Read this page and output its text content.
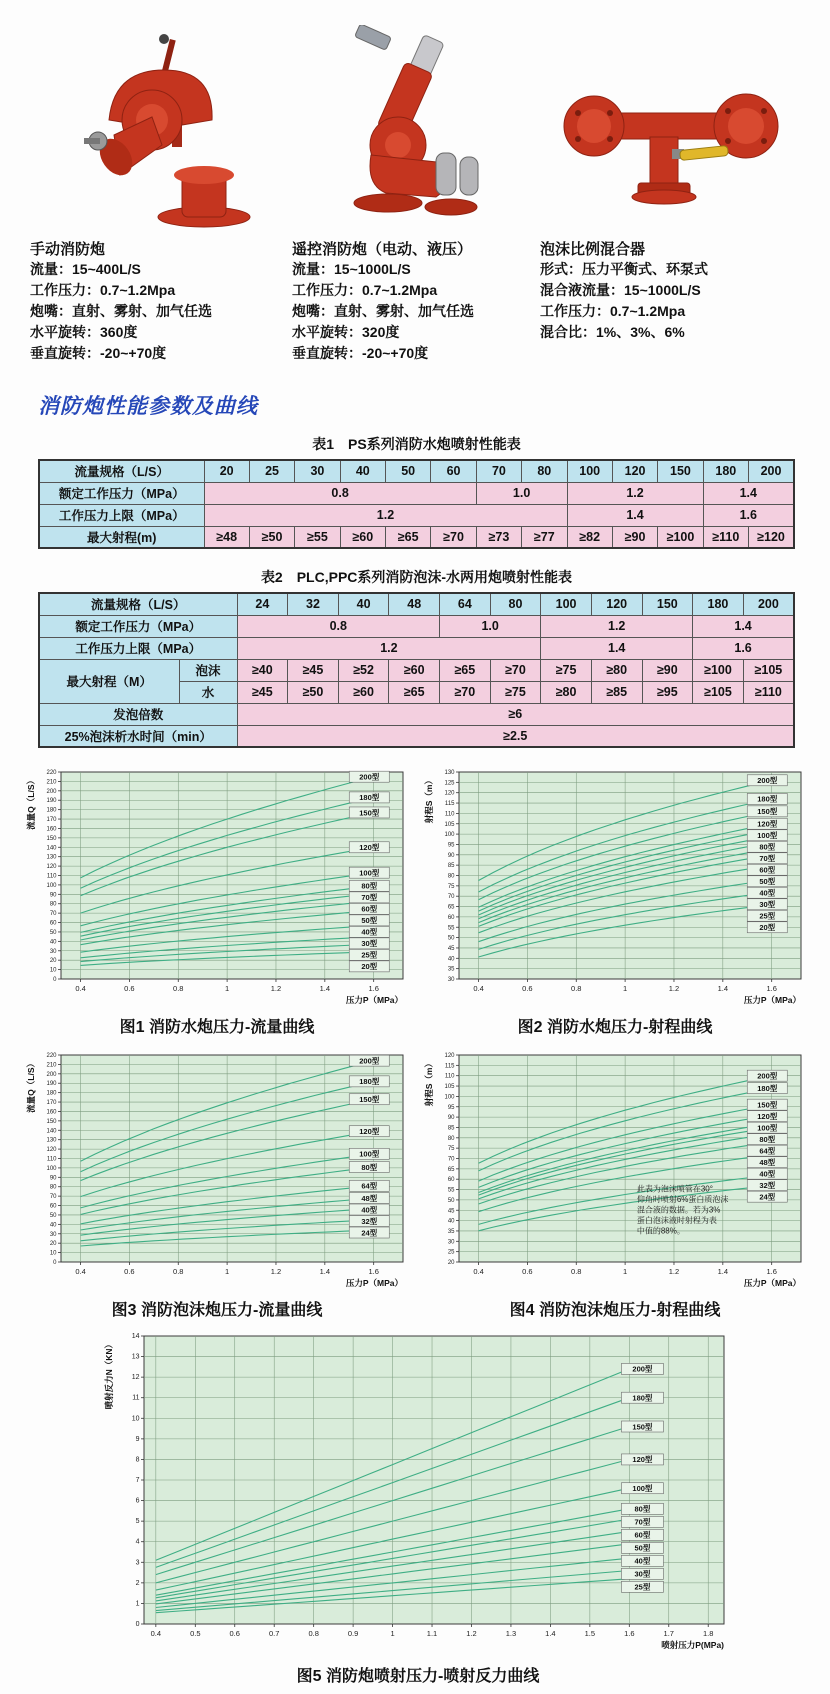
手动消防炮
流量：15~400L/S
工作压力：0.7~1.2Mpa
炮嘴：直射、雾射、加气任选
水平旋转：360度
垂直旋转：-20~+70度
遥控消防炮（电动、液压）
流量：15~1000L/S
工作压力：0.7~1.2Mpa
炮嘴：直射、雾射、加气任选
水平旋转：320度
垂直旋转：-20~+70度
泡沫比例混合器
形式：压力平衡式、环泵式
混合液流量：15~1000L/S
工作压力：0.7~1.2Mpa
混合比：1%、3%、6%
消防炮性能参数及曲线
表1　PS系列消防水炮喷射性能表
流量规格（L/S）	20	25	30	40	50	60	70	80	100	120	150	180	200
额定工作压力（MPa）	0.8						1.0		1.2			1.4	
工作压力上限（MPa）	1.2								1.4			1.6	
最大射程(m)	≥48	≥50	≥55	≥60	≥65	≥70	≥73	≥77	≥82	≥90	≥100	≥110	≥120
表2　PLC,PPC系列消防泡沫-水两用炮喷射性能表
流量规格（L/S）		24	32	40	48	64	80	100	120	150	180	200
额定工作压力（MPa）		0.8				1.0		1.2			1.4	
工作压力上限（MPa）		1.2						1.4			1.6	
最大射程（M）	泡沫	≥40	≥45	≥52	≥60	≥65	≥70	≥75	≥80	≥90	≥100	≥105
	水	≥45	≥50	≥60	≥65	≥70	≥75	≥80	≥85	≥95	≥105	≥110
发泡倍数		≥6										
25%泡沫析水时间（min）		≥2.5										
0
10
20
30
40
50
60
70
80
90
100
110
120
130
140
150
160
170
180
190
200
210
220
0.4	0.6	0.8	1	1.2	1.4	1.6
流量Q（L/S）
压力P（MPa）
200型
180型
150型
120型
100型
80型
70型
60型
50型
40型
30型
25型
20型
图1 消防水炮压力-流量曲线
30
35
40
45
50
55
60
65
70
75
80
85
90
95
100
105
110
115
120
125
130
0.4	0.6	0.8	1	1.2	1.4	1.6
射程S（m）
压力P（MPa）
200型
180型
150型
120型
100型
80型
70型
60型
50型
40型
30型
25型
20型
图2 消防水炮压力-射程曲线
0
10
20
30
40
50
60
70
80
90
100
110
120
130
140
150
160
170
180
190
200
210
220
0.4	0.6	0.8	1	1.2	1.4	1.6
流量Q（L/S）
压力P（MPa）
200型
180型
150型
120型
100型
80型
64型
48型
40型
32型
24型
图3 消防泡沫炮压力-流量曲线
20
25
30
35
40
45
50
55
60
65
70
75
80
85
90
95
100
105
110
115
120
0.4	0.6	0.8	1	1.2	1.4	1.6
射程S（m）
压力P（MPa）
200型
180型
150型
120型
100型
80型
64型
48型
40型
32型
24型
此表为泡沫喷管在30°
仰角时喷射6%蛋白质泡沫
混合液的数据。若为3%
蛋白泡沫液时射程为表
中值的88%。
图4 消防泡沫炮压力-射程曲线
0
1
2
3
4
5
6
7
8
9
10
11
12
13
14
0.4	0.5	0.6	0.7	0.8	0.9	1	1.1	1.2	1.3	1.4	1.5	1.6	1.7	1.8
喷射反力N（KN）
喷射压力P(MPa)
200型
180型
150型
120型
100型
80型
70型
60型
50型
40型
30型
25型
图5 消防炮喷射压力-喷射反力曲线
